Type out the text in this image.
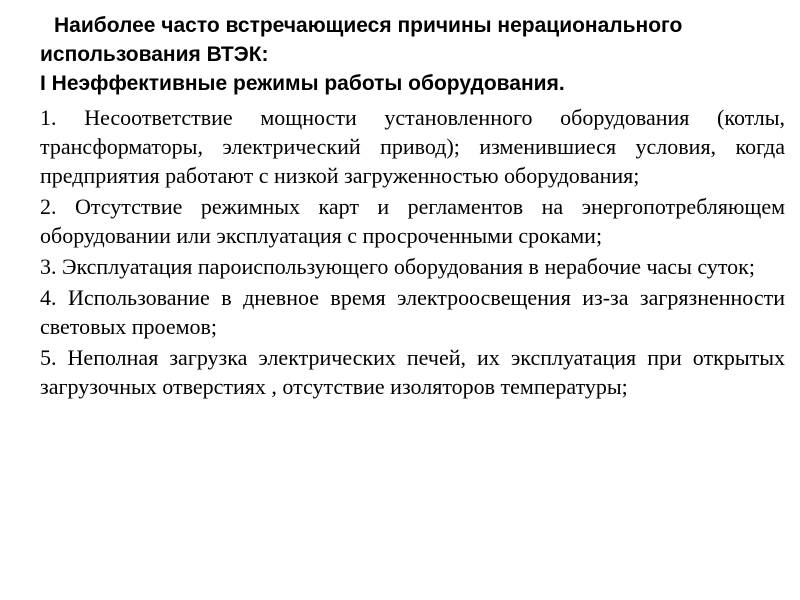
Наиболее часто встречающиеся причины нерационального
использования ВТЭК:
I Неэффективные режимы работы оборудования.

1. Несоответствие мощности установленного оборудования (котлы, трансформаторы, электрический привод); изменившиеся условия, когда предприятия работают с низкой загруженностью оборудования;

2. Отсутствие режимных карт и регламентов на энергопотребляющем оборудовании или эксплуатация с просроченными сроками;

3. Эксплуатация пароиспользующего оборудования в нерабочие часы суток;

4. Использование в дневное время электроосвещения из-за загрязненности световых проемов;

5. Неполная загрузка электрических печей, их эксплуатация при открытых загрузочных отверстиях , отсутствие изоляторов температуры;
